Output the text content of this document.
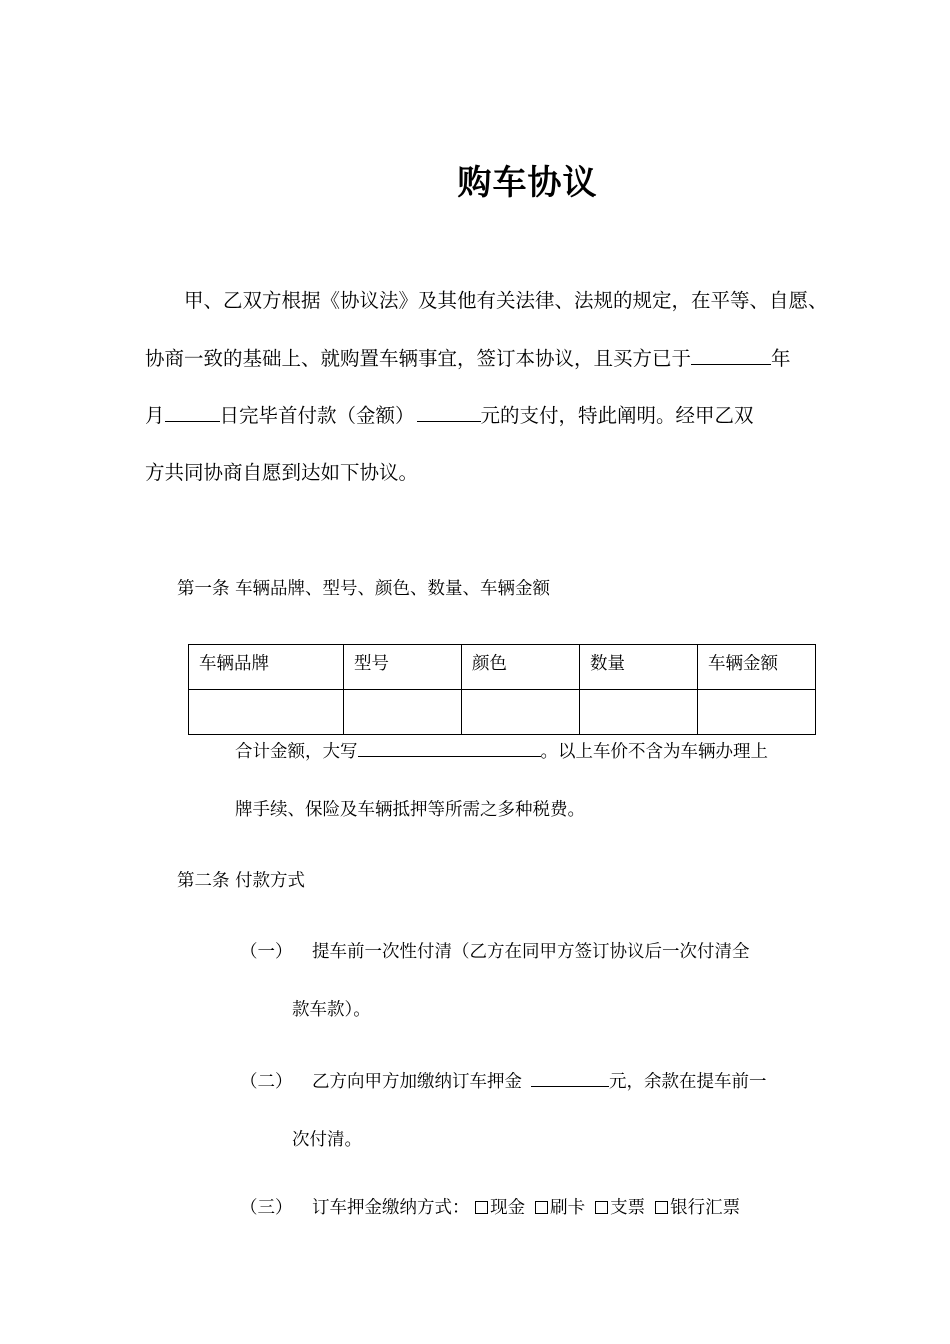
购车协议
甲、乙双方根据《协议法》及其他有关法律、法规的规定，在平等、自愿、
协商一致的基础上、就购置车辆事宜，签订本协议，且买方已于	年
月	日完毕首付款（金额）	元的支付，特此阐明。经甲乙双
方共同协商自愿到达如下协议。
第一条 车辆品牌、型号、颜色、数量、车辆金额
车辆品牌	型号	颜色	数量	车辆金额

合计金额，大写	。以上车价不含为车辆办理上
牌手续、保险及车辆抵押等所需之多种税费。
第二条 付款方式
（一） 提车前一次性付清（乙方在同甲方签订协议后一次付清全
款车款）。
（二） 乙方向甲方加缴纳订车押金	元，余款在提车前一
次付清。
（三） 订车押金缴纳方式： 现金 刷卡 支票 银行汇票
